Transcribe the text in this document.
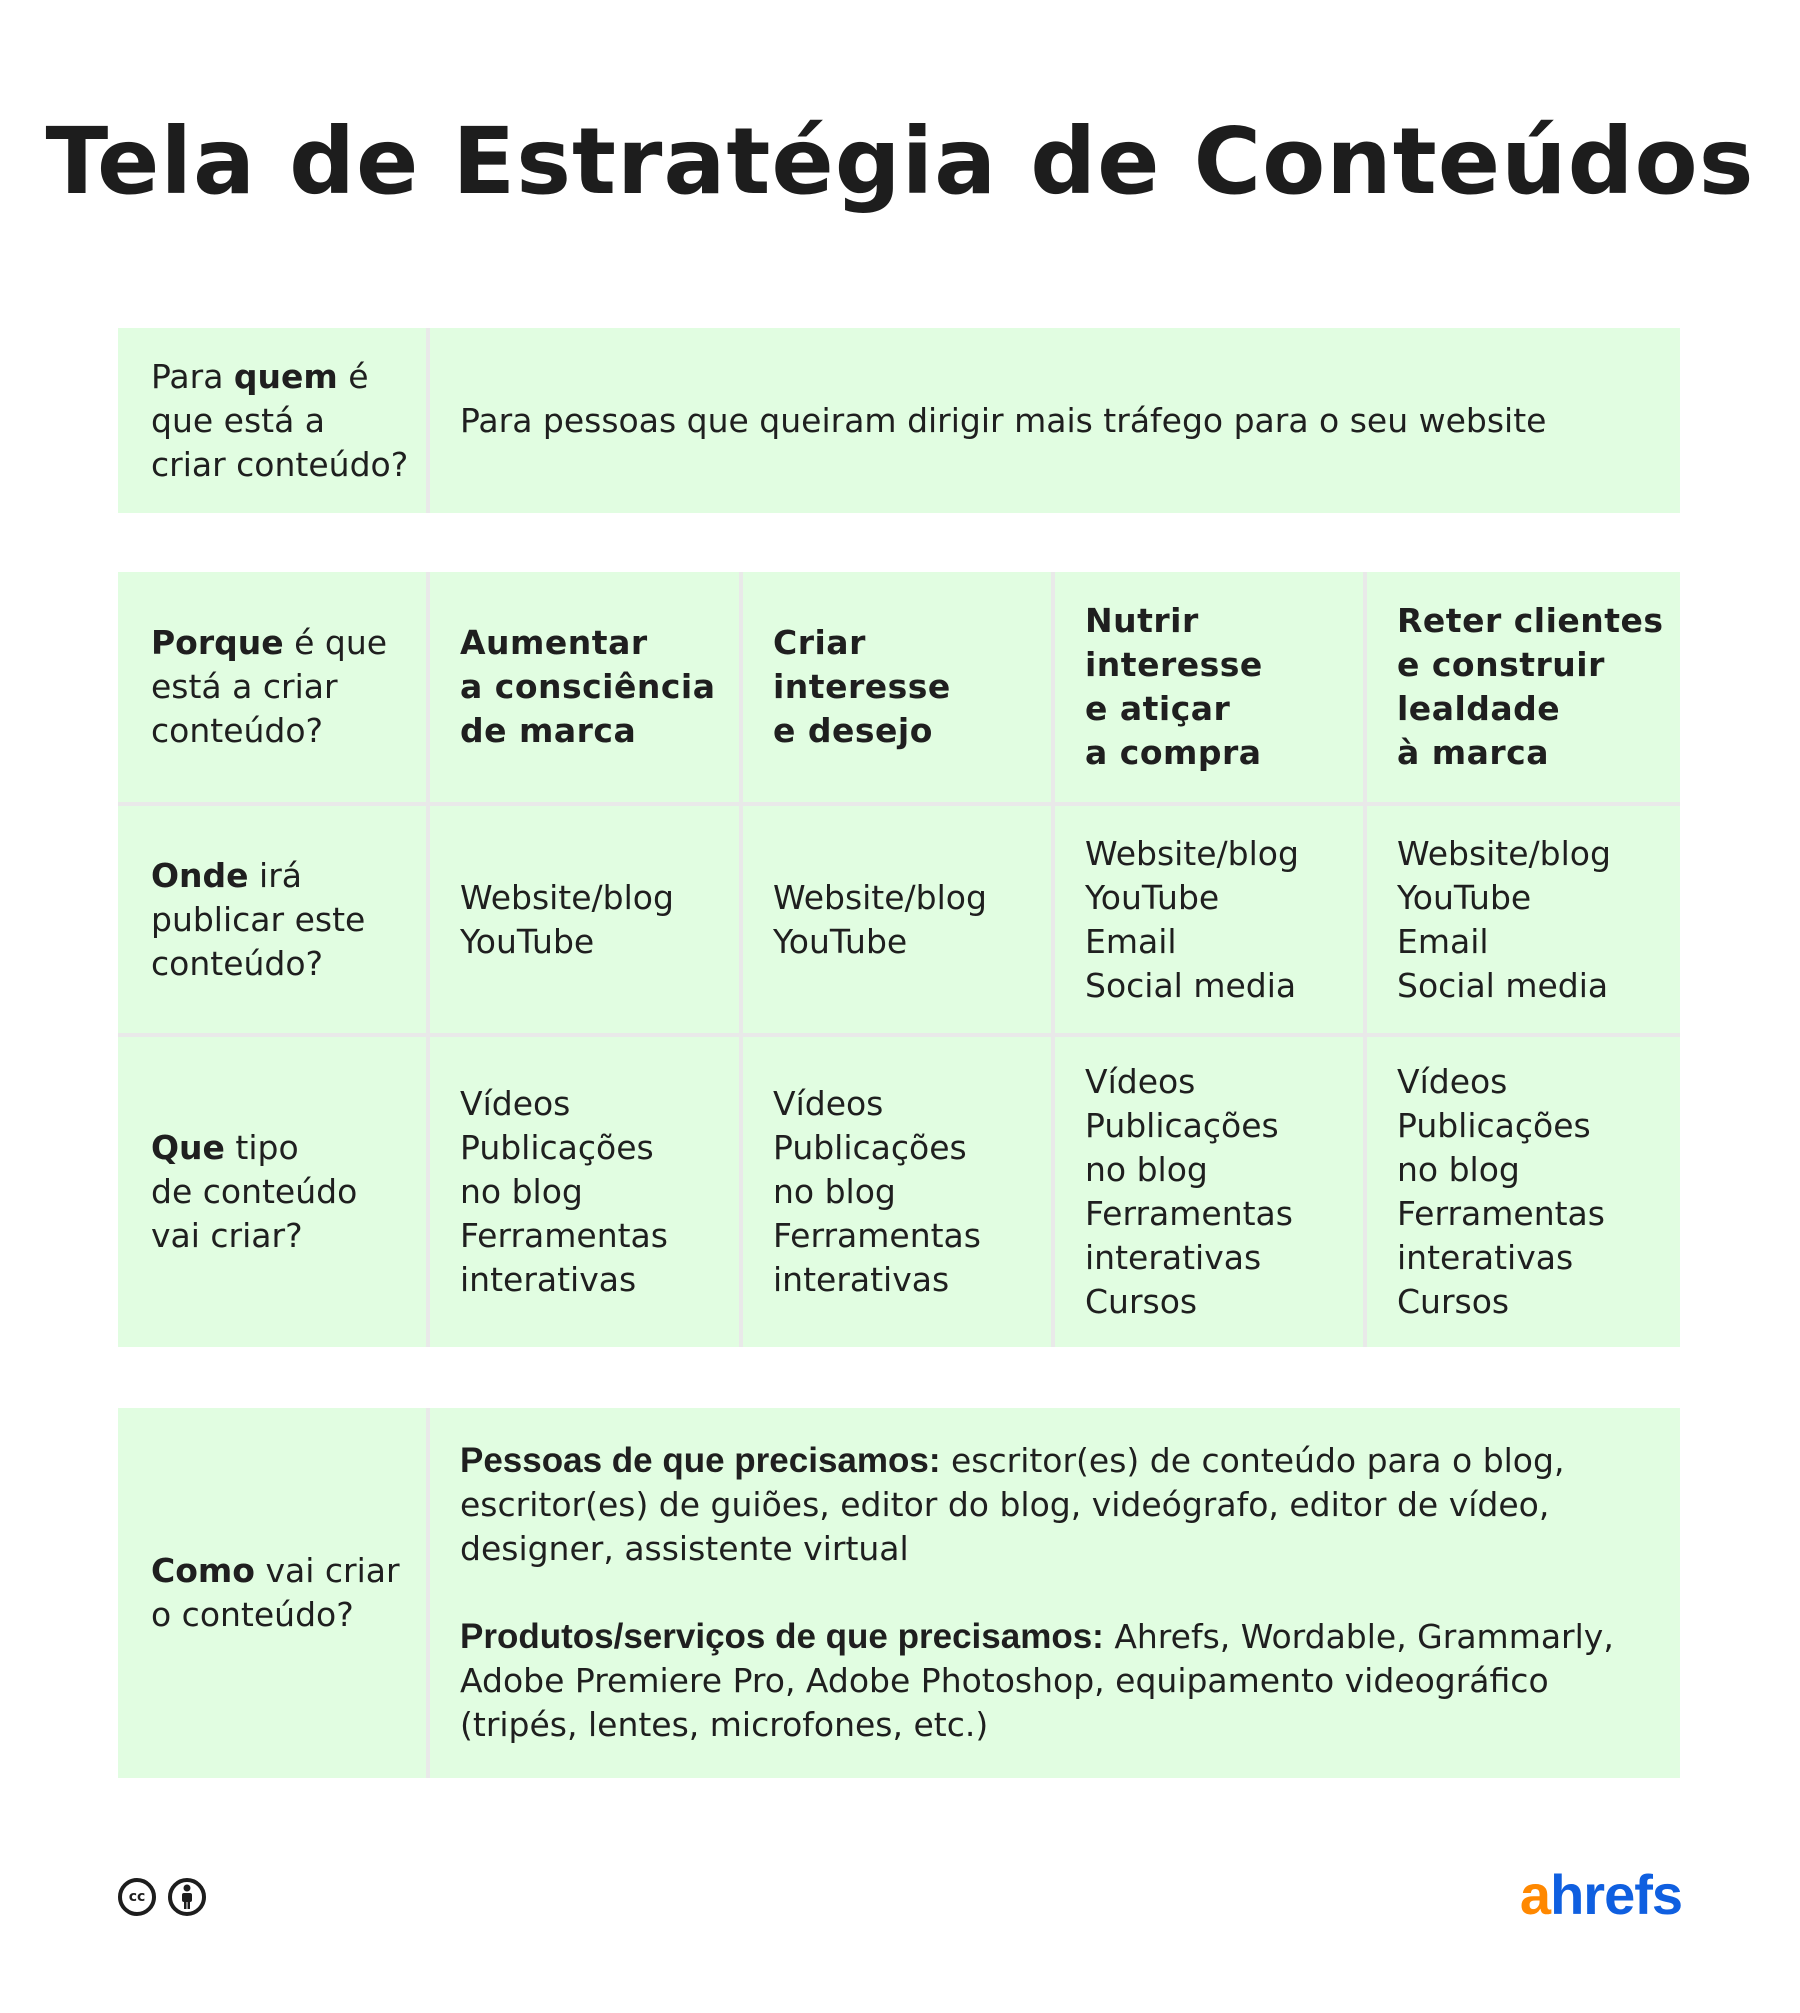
Tela de Estratégia de Conteúdos
Para quem é
que está a
criar conteúdo?
Para pessoas que queiram dirigir mais tráfego para o seu website
Porque é que
está a criar
conteúdo?
Aumentar
a consciência
de marca
Criar
interesse
e desejo
Nutrir
interesse
e atiçar
a compra
Reter clientes
e construir
lealdade
à marca
Onde irá
publicar este
conteúdo?
Website/blog
YouTube
Website/blog
YouTube
Website/blog
YouTube
Email
Social media
Website/blog
YouTube
Email
Social media
Que tipo
de conteúdo
vai criar?
Vídeos
Publicações
no blog
Ferramentas
interativas
Vídeos
Publicações
no blog
Ferramentas
interativas
Vídeos
Publicações
no blog
Ferramentas
interativas
Cursos
Vídeos
Publicações
no blog
Ferramentas
interativas
Cursos
Como vai criar
o conteúdo?

Pessoas de que precisamos: escritor(es) de conteúdo para o blog,
escritor(es) de guiões, editor do blog, videógrafo, editor de vídeo,
designer, assistente virtual

Produtos/serviços de que precisamos: Ahrefs, Wordable, Grammarly,
Adobe Premiere Pro, Adobe Photoshop, equipamento videográfico
(tripés, lentes, microfones, etc.)

cc	ahrefs
